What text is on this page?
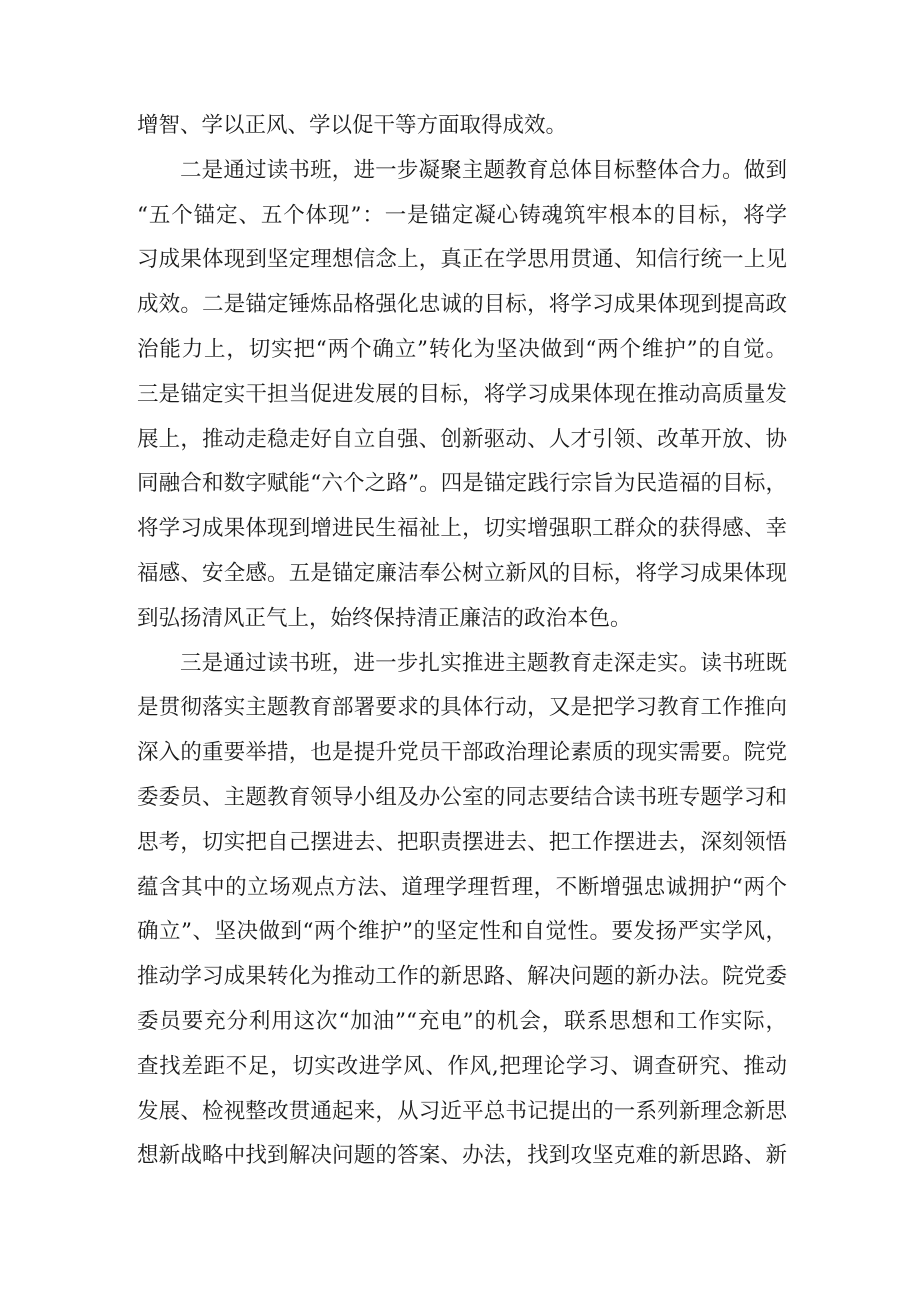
增智、学以正风、学以促干等方面取得成效。
二是通过读书班，进一步凝聚主题教育总体目标整体合力。做到
“五个锚定、五个体现”：一是锚定凝心铸魂筑牢根本的目标，将学
习成果体现到坚定理想信念上，真正在学思用贯通、知信行统一上见
成效。二是锚定锤炼品格强化忠诚的目标，将学习成果体现到提高政
治能力上，切实把“两个确立”转化为坚决做到“两个维护”的自觉。
三是锚定实干担当促进发展的目标，将学习成果体现在推动高质量发
展上，推动走稳走好自立自强、创新驱动、人才引领、改革开放、协
同融合和数字赋能“六个之路”。四是锚定践行宗旨为民造福的目标，
将学习成果体现到增进民生福祉上，切实增强职工群众的获得感、幸
福感、安全感。五是锚定廉洁奉公树立新风的目标，将学习成果体现
到弘扬清风正气上，始终保持清正廉洁的政治本色。
三是通过读书班，进一步扎实推进主题教育走深走实。读书班既
是贯彻落实主题教育部署要求的具体行动，又是把学习教育工作推向
深入的重要举措，也是提升党员干部政治理论素质的现实需要。院党
委委员、主题教育领导小组及办公室的同志要结合读书班专题学习和
思考，切实把自己摆进去、把职责摆进去、把工作摆进去，深刻领悟
蕴含其中的立场观点方法、道理学理哲理，不断增强忠诚拥护“两个
确立”、坚决做到“两个维护”的坚定性和自觉性。要发扬严实学风，
推动学习成果转化为推动工作的新思路、解决问题的新办法。院党委
委员要充分利用这次“加油”“充电”的机会，联系思想和工作实际，
查找差距不足，切实改进学风、作风,把理论学习、调查研究、推动
发展、检视整改贯通起来，从习近平总书记提出的一系列新理念新思
想新战略中找到解决问题的答案、办法，找到攻坚克难的新思路、新
